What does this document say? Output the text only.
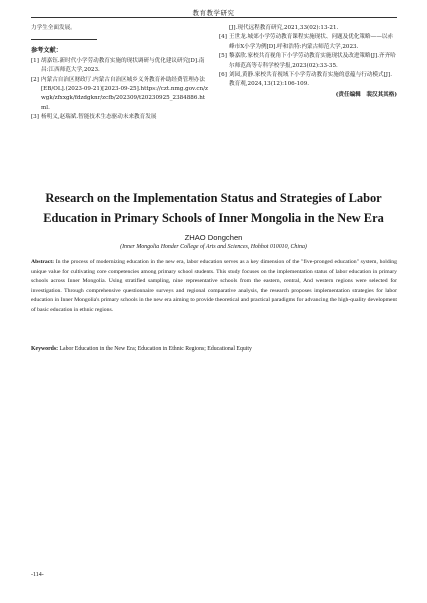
教育教学研究

力学生全面发展。

参考文献：
[1] 胡嘉钰.新时代小学劳动教育实施的现状调研与优化建议研究[D].南昌:江西师范大学,2023.
[2] 内蒙古自治区财政厅.内蒙古自治区城乡义务教育补助经费管理办法[EB/OL].(2023-09-21)[2023-09-25].https://czt.nmg.gov.cn/zwgk/zfxxgk/fdzdgknr/zcfb/202309/t20230925_2384886.html.
[3] 杨明义,赵瑞斌.智能技术生态驱动未来教育发展
[J].现代远程教育研究,2021,33(02):13-21.
[4] 王世龙.城郊小学劳动教育课程实施现状、问题及优化策略——以赤峰市X小学为例[D].呼和浩特:内蒙古师范大学,2023.
[5] 黎嘉欣.家校共育视角下小学劳动教育实施现状及改进策略[J].齐齐哈尔师范高等专科学校学报,2023(02):33-35.
[6] 刘园,黄静.家校共育视域下小学劳动教育实施的意蕴与行动模式[J].教育观,2024,13(12):106-109.
(责任编辑　裴汉其其格)
Research on the Implementation Status and Strategies of Labor Education in Primary Schools of Inner Mongolia in the New Era
ZHAO Dongchen
(Inner Mongolia Honder College of Arts and Sciences, Hohhot 010010, China)

Abstract: In the process of modernizing education in the new era, labor education serves as a key dimension of the "five-pronged education" system, holding unique value for cultivating core competencies among primary school students. This study focuses on the implementation status of labor education in primary schools across Inner Mongolia. Using stratified sampling, nine representative schools from the eastern, central, And western regions were selected for investigation. Through comprehensive questionnaire surveys and regional comparative analysis, the research proposes implementation strategies for labor education in Inner Mongolia's primary schools in the new era aiming to provide theoretical and practical paradigms for advancing the high-quality development of basic education in ethnic regions.

Keywords: Labor Education in the New Era; Education in Ethnic Regions; Educational Equity

-114-
